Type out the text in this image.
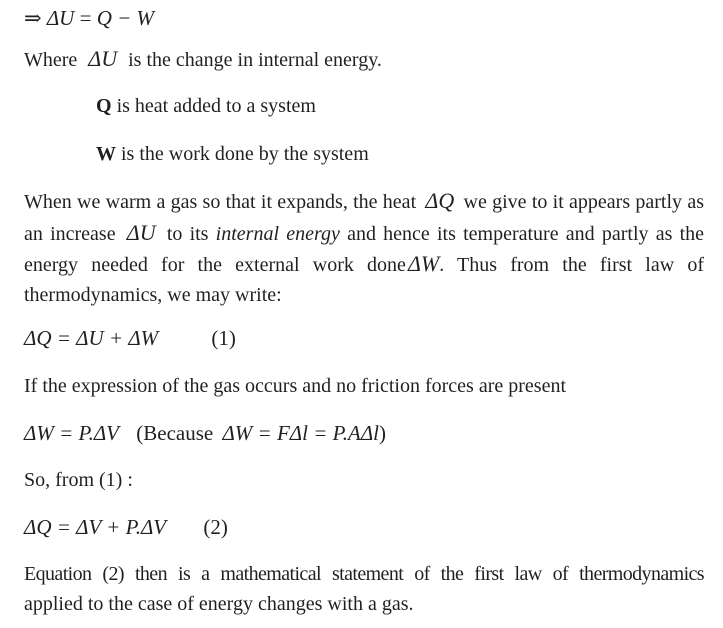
⇒ ΔU = Q − W
Where ΔU is the change in internal energy.
Q is heat added to a system
W is the work done by the system
When we warm a gas so that it expands, the heat ΔQ we give to it appears partly as an increase ΔU to its internal energy and hence its temperature and partly as the energy needed for the external work doneΔW. Thus from the first law of thermodynamics, we may write:
ΔQ = ΔU + ΔW	(1)
If the expression of the gas occurs and no friction forces are present
ΔW = P.ΔV (Because ΔW = FΔl = P.AΔl)
So, from (1) :
ΔQ = ΔV + P.ΔV (2)
Equation (2) then is a mathematical statement of the first law of thermodynamics
applied to the case of energy changes with a gas.
